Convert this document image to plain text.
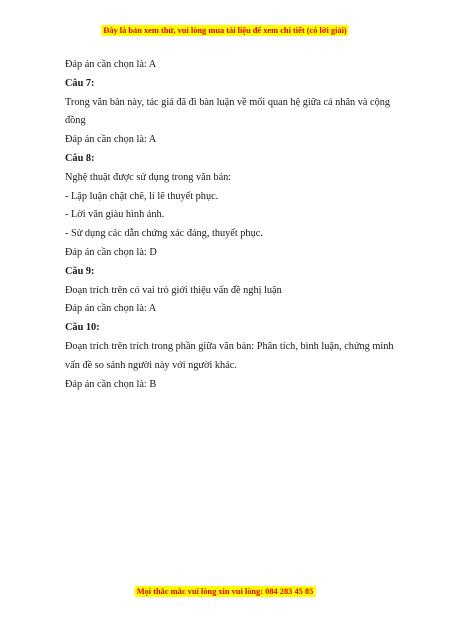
Đây là bản xem thử, vui lòng mua tài liệu để xem chi tiết (có lời giải)

Đáp án cần chọn là: A

Câu 7:

Trong văn bản này, tác giả đã đi bàn luận về mối quan hệ giữa cá nhân và cộng

đồng

Đáp án cần chọn là: A

Câu 8:

Nghệ thuật được sử dụng trong văn bản:

- Lập luận chặt chẽ, lí lẽ thuyết phục.

- Lời văn giàu hình ảnh.

- Sử dụng các dẫn chứng xác đáng, thuyết phục.

Đáp án cần chọn là: D

Câu 9:

Đoạn trích trên có vai trò giới thiệu vấn đề nghị luận

Đáp án cần chọn là: A

Câu 10:

Đoạn trích trên trích trong phần giữa văn bản: Phân tích, bình luận, chứng minh

vấn đề so sánh người này với người khác.

Đáp án cần chọn là: B

Mọi thắc mắc vui lòng xin vui lòng: 084 283 45 85
